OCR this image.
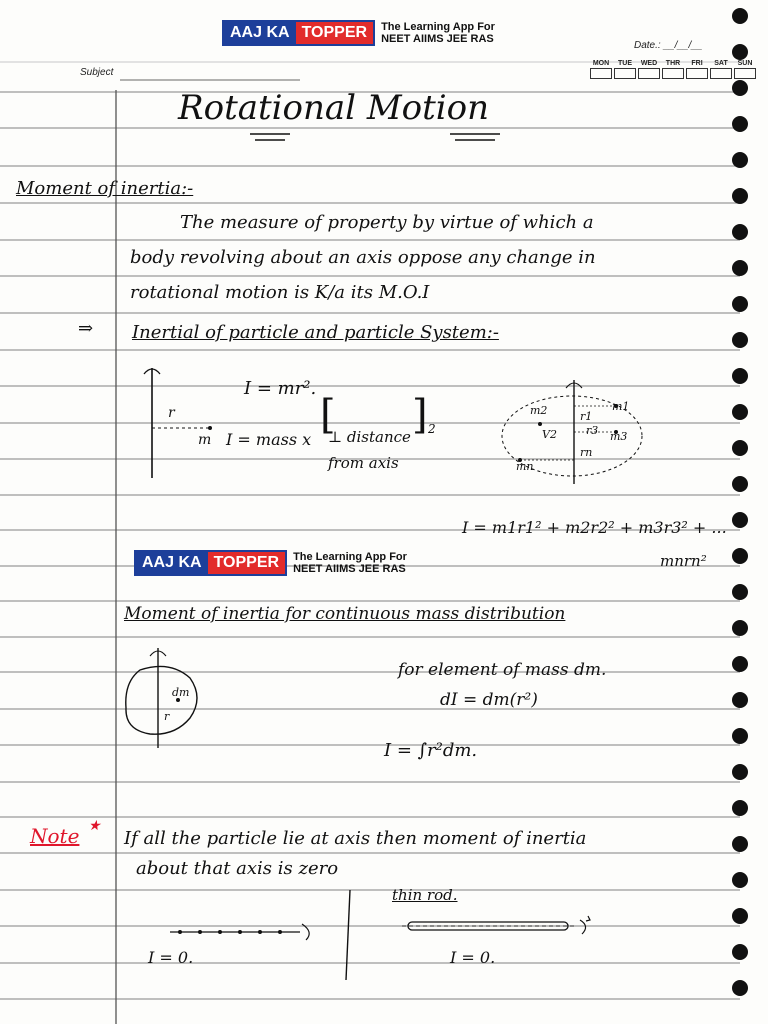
AAJ KA TOPPER	The Learning App For
NEET AIIMS JEE RAS
Subject
Date.: __/__/__
MON TUE WED THR FRI SAT SUN
Rotational Motion
Moment of inertia:-
The measure of property by virtue of which a
body revolving about an axis oppose any change in
rotational motion is K/a its M.O.I
⇒ Inertial of particle and particle System:-
[ ]
I = mr².
r
m I = mass x ⊥ distance
from axis
2
m2	r1
m1
V2	r3 m3
rn
mn
I = m1r1² + m2r2² + m3r3² + ...
mnrn²
AAJ KA TOPPER	The Learning App For
NEET AIIMS JEE RAS
Moment of inertia for continuous mass distribution
dm
r
for element of mass dm.
dI = dm(r²)
I = ∫r²dm.
Note ★
If all the particle lie at axis then moment of inertia
about that axis is zero
thin rod.
I = 0.	I = 0.
